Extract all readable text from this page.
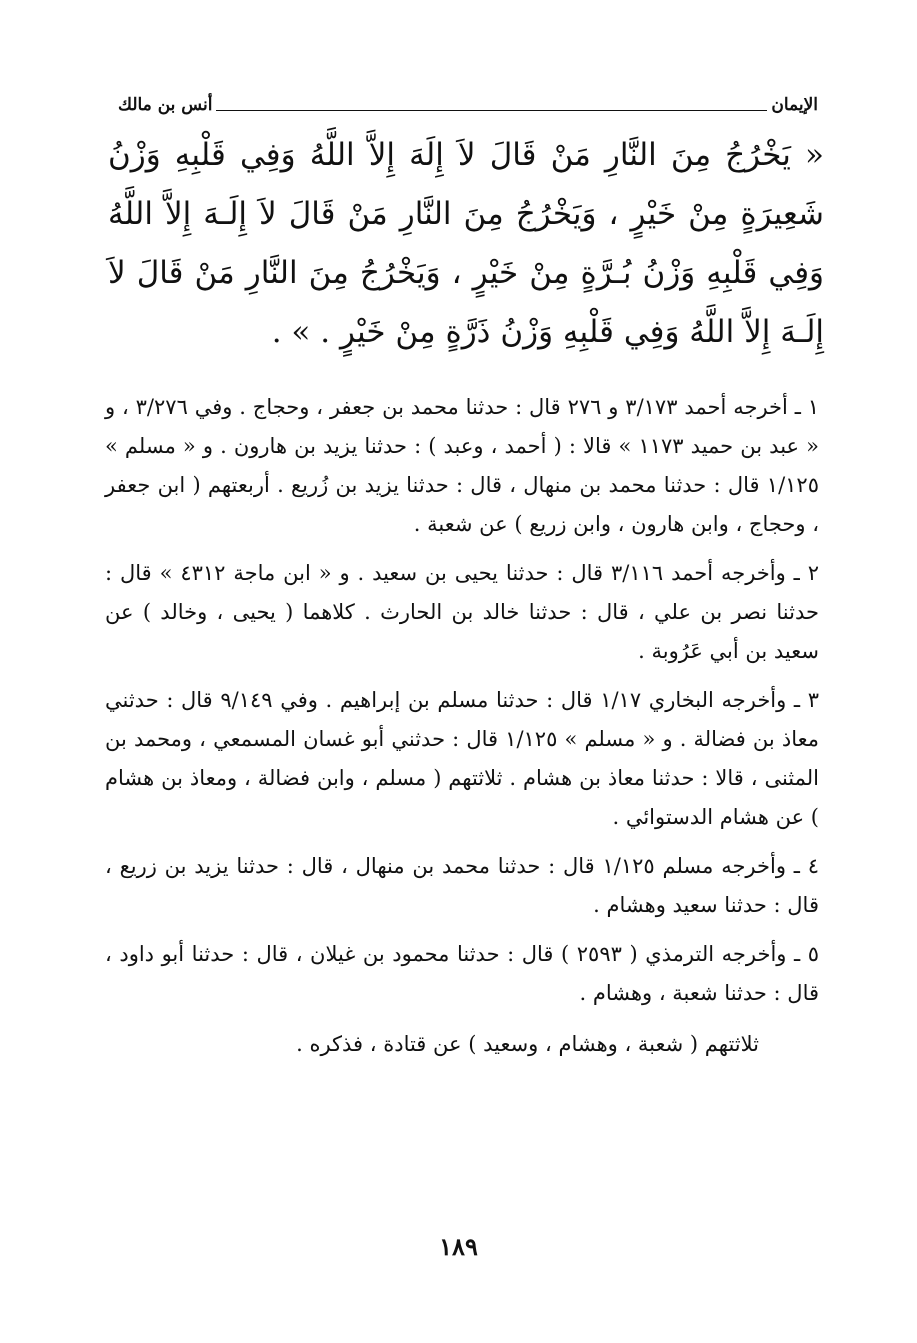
الإيمان
أنس بن مالك
« يَخْرُجُ مِنَ النَّارِ مَنْ قَالَ لاَ إِلَهَ إِلاَّ اللَّهُ وَفِي قَلْبِهِ وَزْنُ شَعِيرَةٍ مِنْ خَيْرٍ ، وَيَخْرُجُ مِنَ النَّارِ مَنْ قَالَ لاَ إِلَـهَ إِلاَّ اللَّهُ وَفِي قَلْبِهِ وَزْنُ بُـرَّةٍ مِنْ خَيْرٍ ، وَيَخْرُجُ مِنَ النَّارِ مَنْ قَالَ لاَ إِلَـهَ إِلاَّ اللَّهُ وَفِي قَلْبِهِ وَزْنُ ذَرَّةٍ مِنْ خَيْرٍ . » .

١ ـ أخرجه أحمد ٣/١٧٣ و ٢٧٦ قال : حدثنا محمد بن جعفر ، وحجاج . وفي ٣/٢٧٦ ، و « عبد بن حميد ١١٧٣ » قالا : ( أحمد ، وعبد ) : حدثنا يزيد بن هارون . و « مسلم » ١/١٢٥ قال : حدثنا محمد بن منهال ، قال : حدثنا يزيد بن زُريع . أربعتهم ( ابن جعفر ، وحجاج ، وابن هارون ، وابن زريع ) عن شعبة .

٢ ـ وأخرجه أحمد ٣/١١٦ قال : حدثنا يحيى بن سعيد . و « ابن ماجة ٤٣١٢ » قال : حدثنا نصر بن علي ، قال : حدثنا خالد بن الحارث . كلاهما ( يحيى ، وخالد ) عن سعيد بن أبي عَرُوبة .

٣ ـ وأخرجه البخاري ١/١٧ قال : حدثنا مسلم بن إبراهيم . وفي ٩/١٤٩ قال : حدثني معاذ بن فضالة . و « مسلم » ١/١٢٥ قال : حدثني أبو غسان المسمعي ، ومحمد بن المثنى ، قالا : حدثنا معاذ بن هشام . ثلاثتهم ( مسلم ، وابن فضالة ، ومعاذ بن هشام ) عن هشام الدستوائي .

٤ ـ وأخرجه مسلم ١/١٢٥ قال : حدثنا محمد بن منهال ، قال : حدثنا يزيد بن زريع ، قال : حدثنا سعيد وهشام .

٥ ـ وأخرجه الترمذي ( ٢٥٩٣ ) قال : حدثنا محمود بن غيلان ، قال : حدثنا أبو داود ، قال : حدثنا شعبة ، وهشام .

ثلاثتهم ( شعبة ، وهشام ، وسعيد ) عن قتادة ، فذكره .

١٨٩
